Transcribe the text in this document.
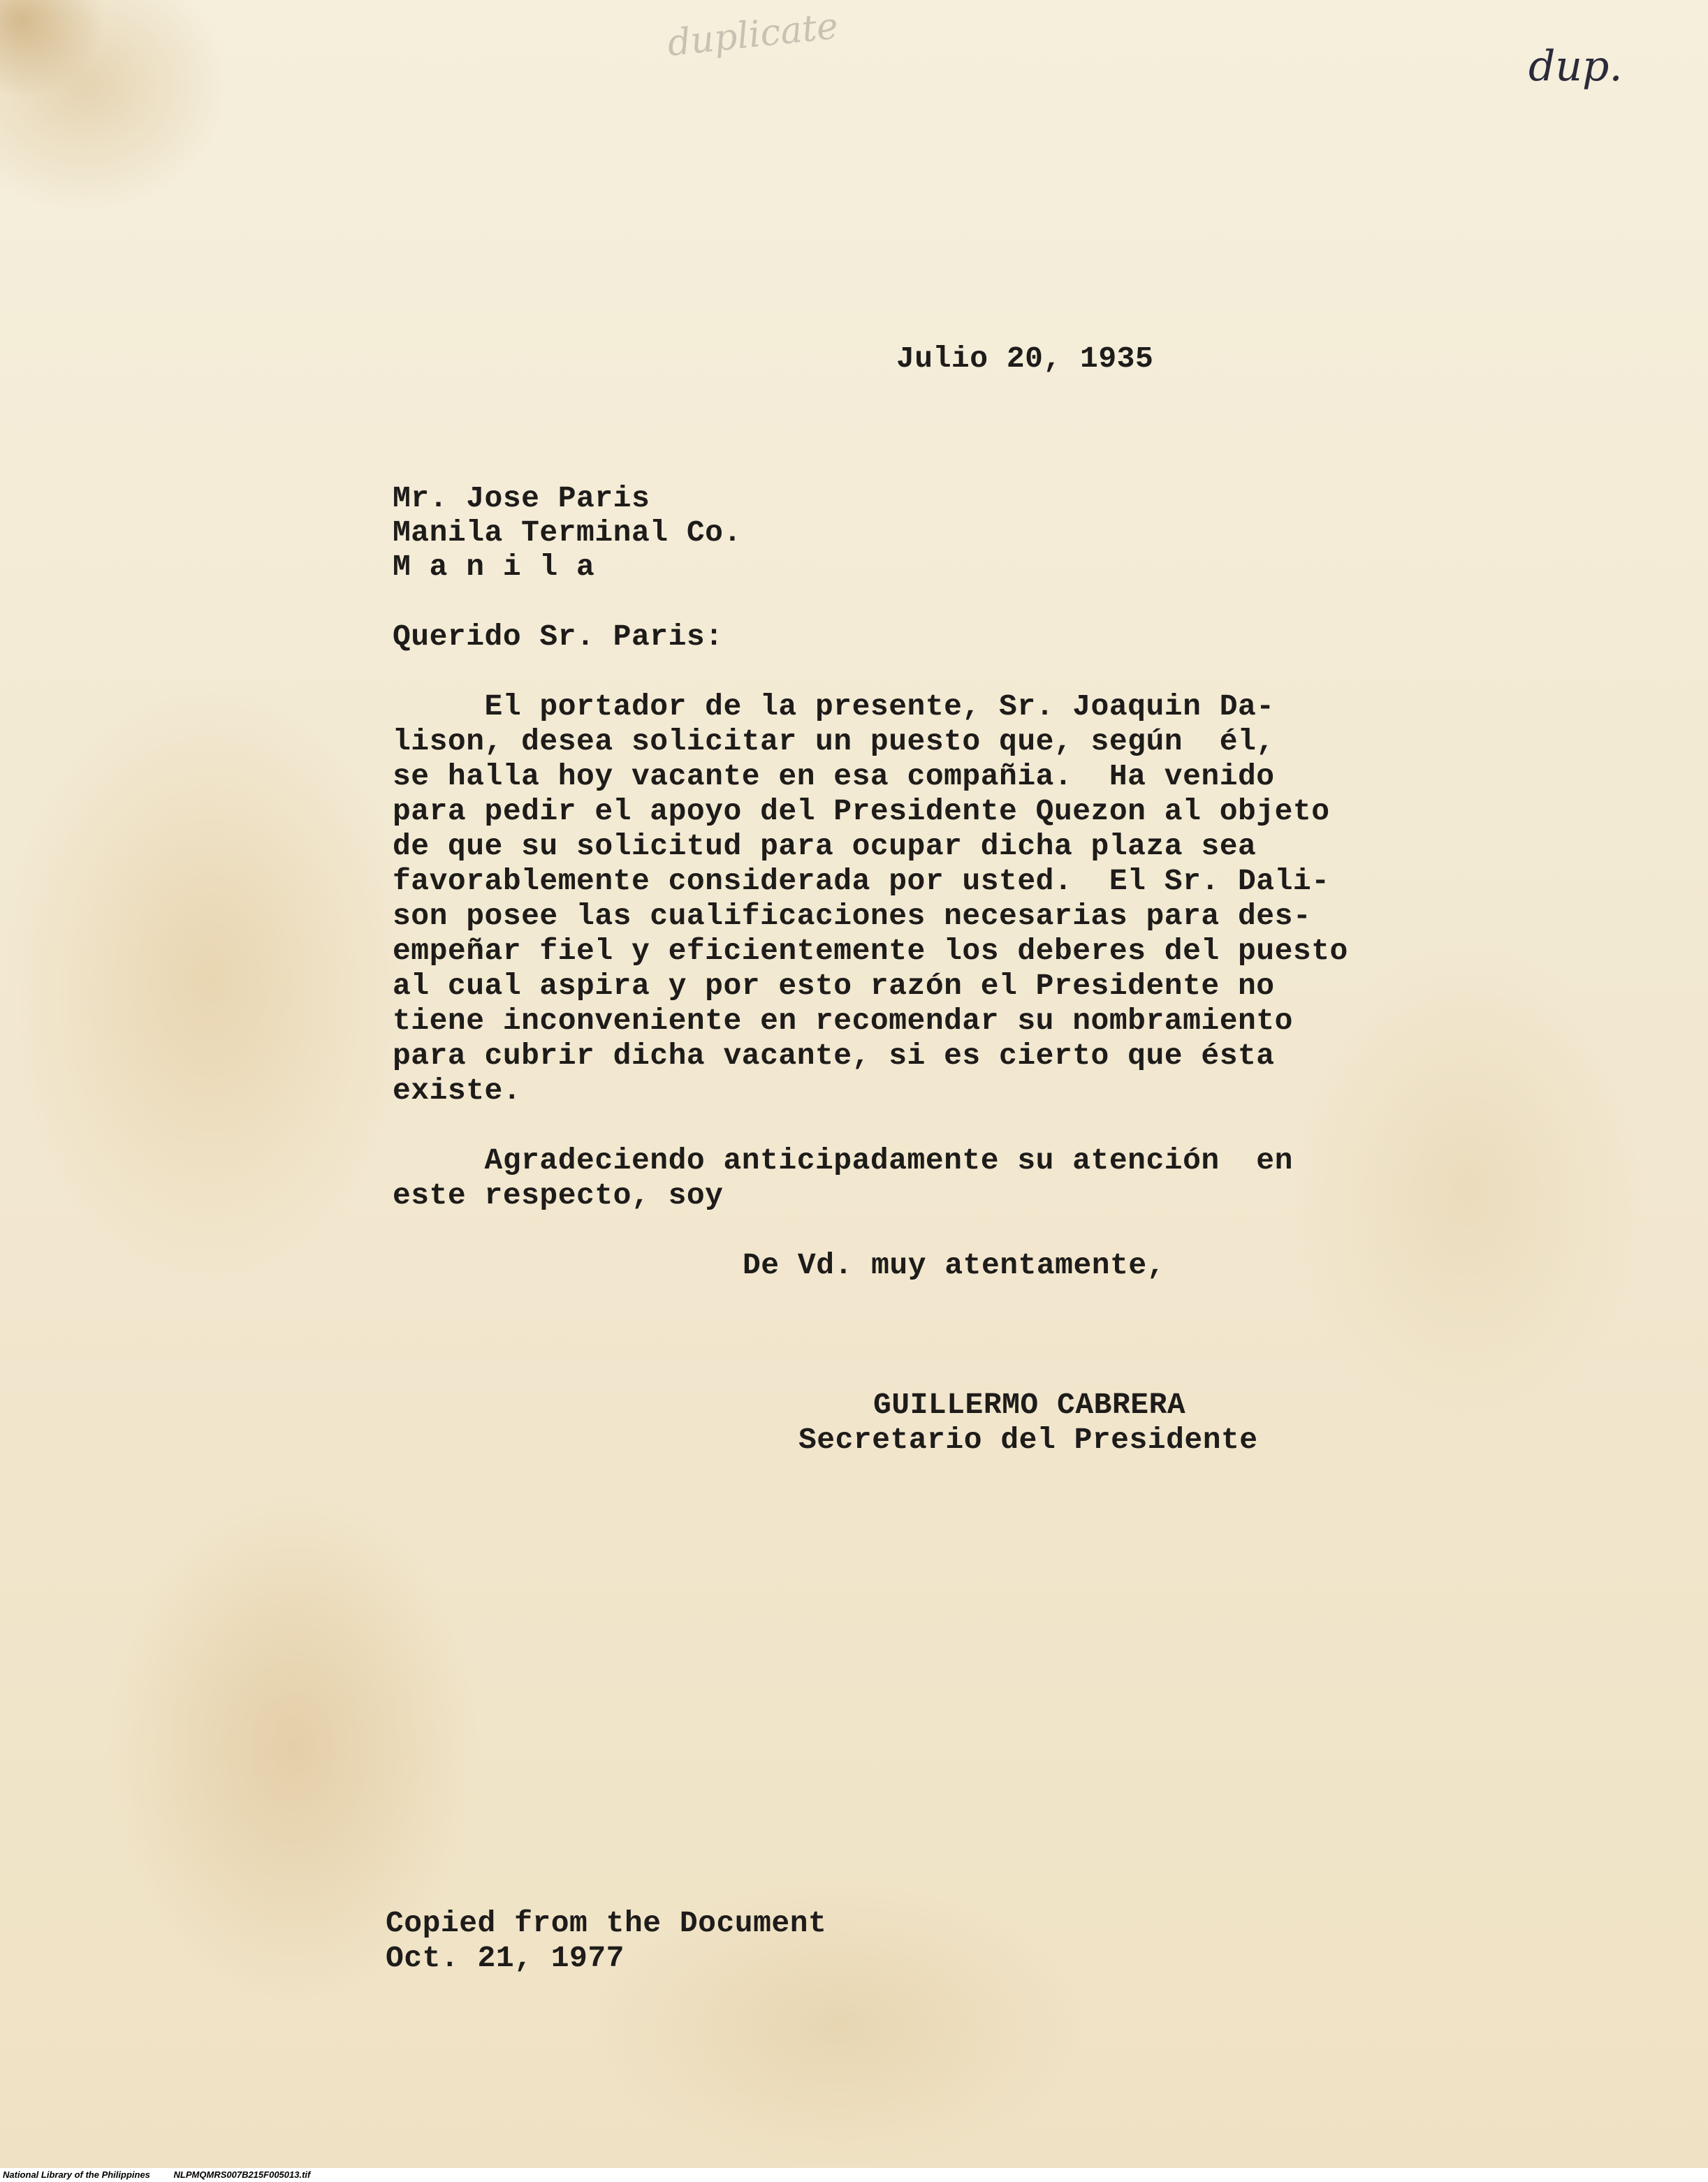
duplicate
dup.
Julio 20, 1935
Mr. Jose Paris
Manila Terminal Co.
M a n i l a
Querido Sr. Paris:
El portador de la presente, Sr. Joaquin Da-
lison, desea solicitar un puesto que, según  él,
se halla hoy vacante en esa compañia.  Ha venido
para pedir el apoyo del Presidente Quezon al objeto
de que su solicitud para ocupar dicha plaza sea
favorablemente considerada por usted.  El Sr. Dali-
son posee las cualificaciones necesarias para des-
empeñar fiel y eficientemente los deberes del puesto
al cual aspira y por esto razón el Presidente no
tiene inconveniente en recomendar su nombramiento
para cubrir dicha vacante, si es cierto que ésta
existe.
Agradeciendo anticipadamente su atención  en
este respecto, soy
De Vd. muy atentamente,
GUILLERMO CABRERA
Secretario del Presidente
Copied from the Document
Oct. 21, 1977
National Library of the Philippines	NLPMQMRS007B215F005013.tif
